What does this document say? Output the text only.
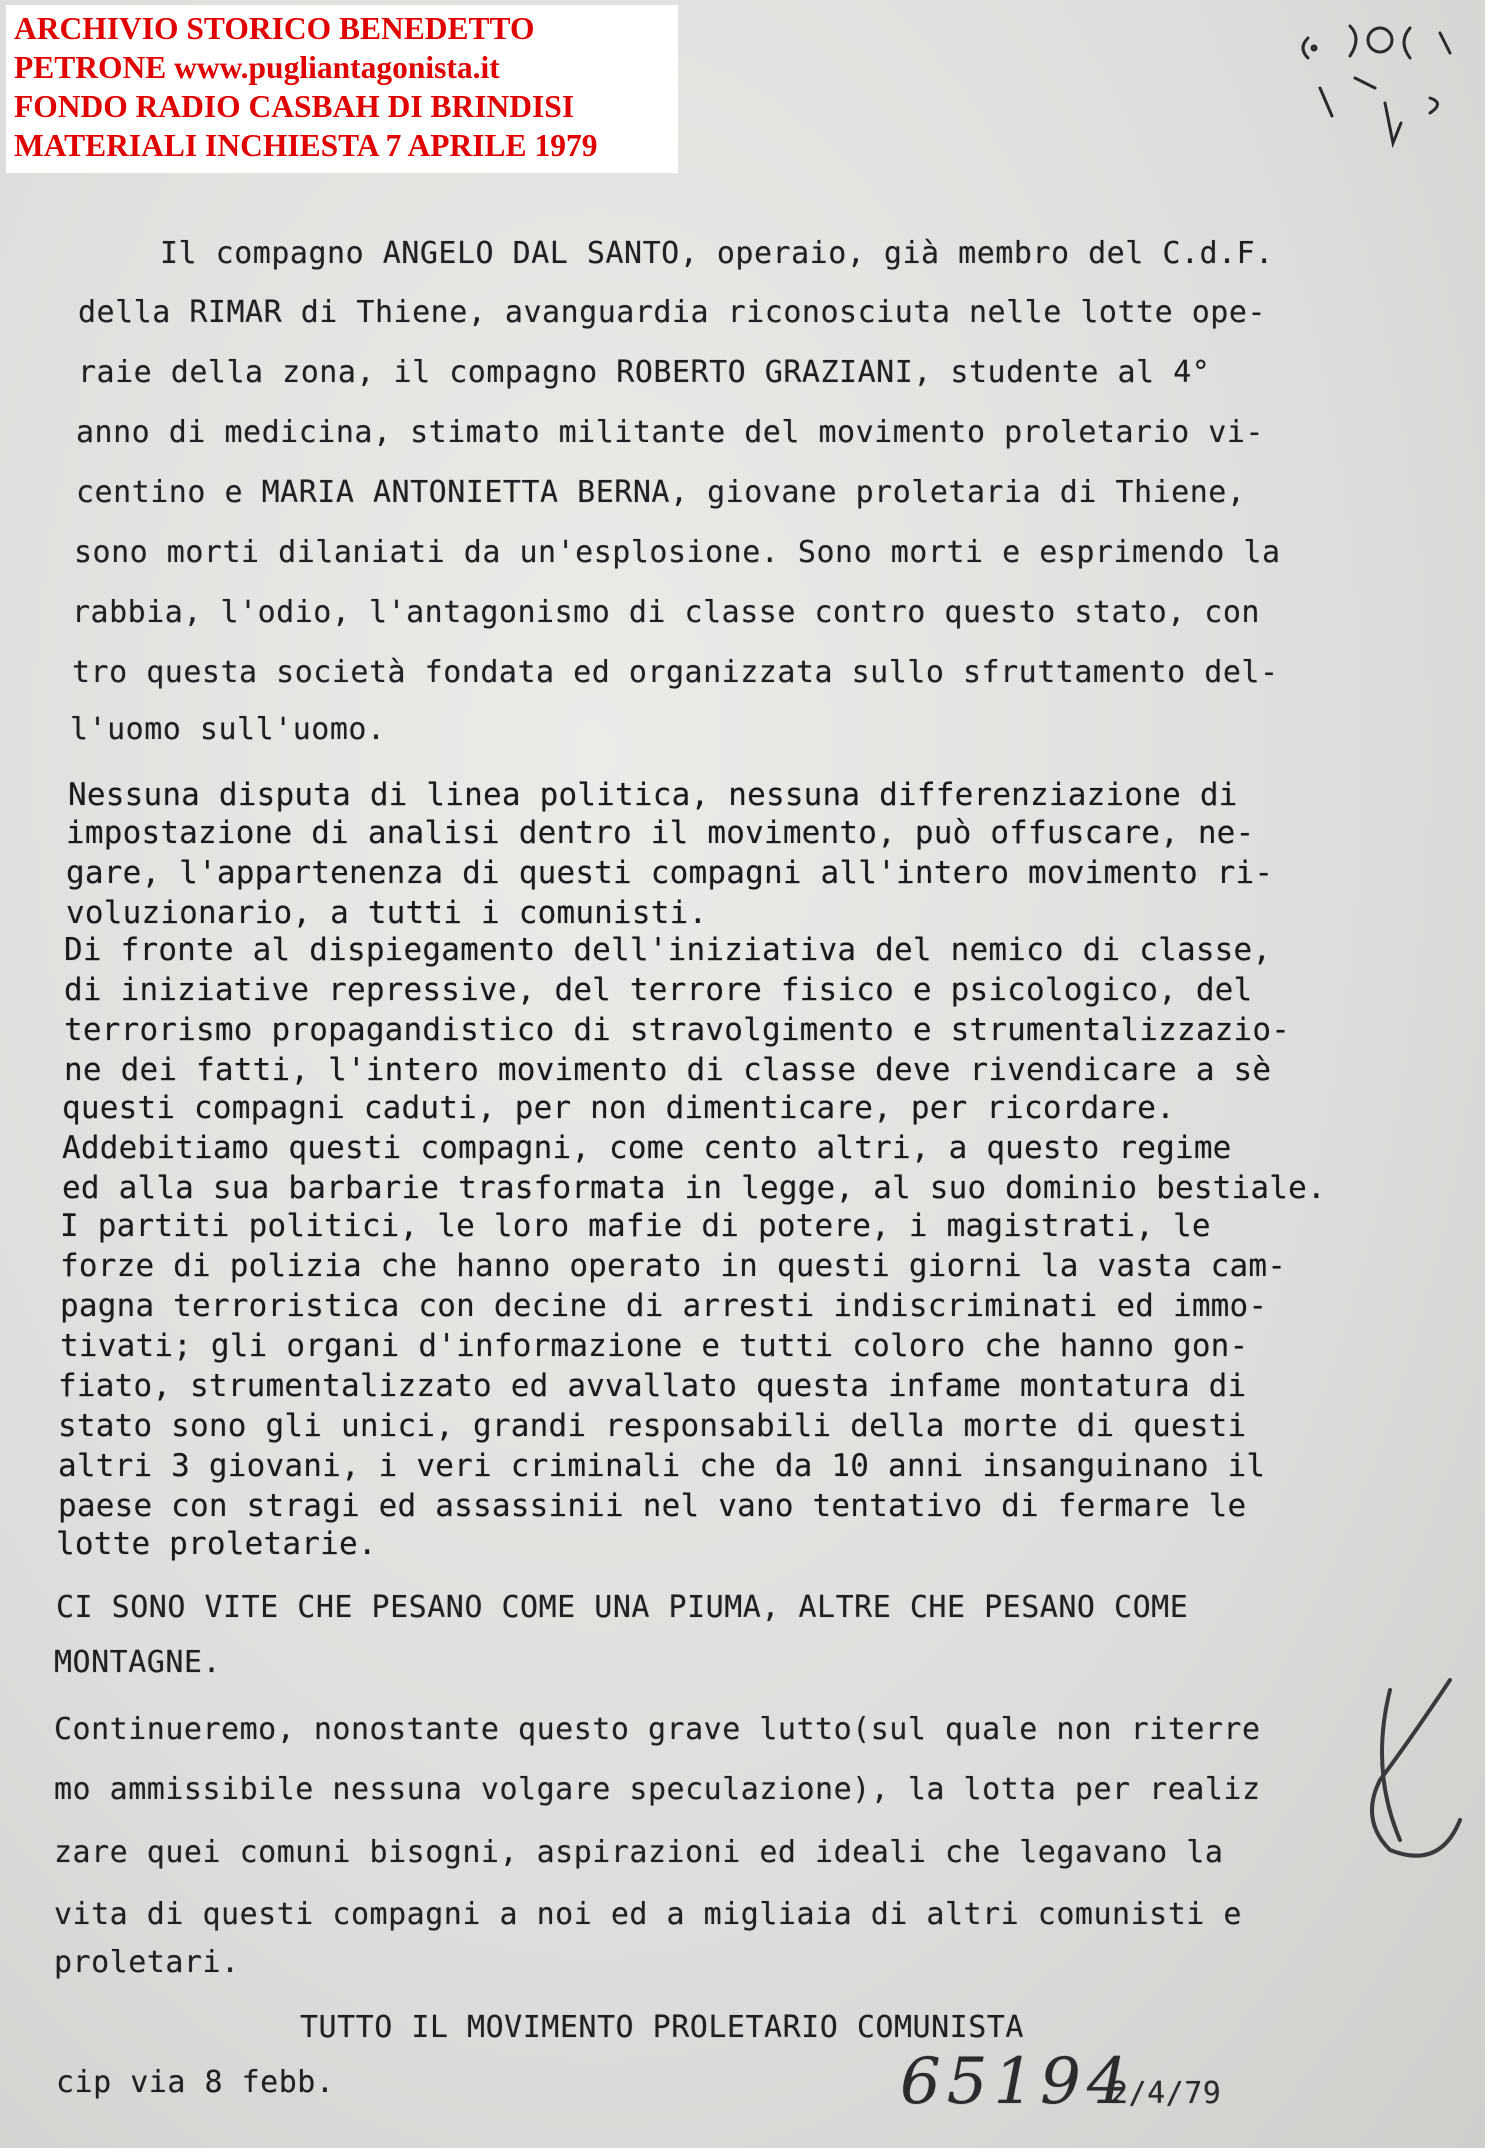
ARCHIVIO STORICO BENEDETTO
PETRONE www.pugliantagonista.it
FONDO RADIO CASBAH DI BRINDISI
MATERIALI INCHIESTA 7 APRILE 1979
Il compagno ANGELO DAL SANTO, operaio, già membro del C.d.F.
della RIMAR di Thiene, avanguardia riconosciuta nelle lotte ope-
raie della zona, il compagno ROBERTO GRAZIANI, studente al 4°
anno di medicina, stimato militante del movimento proletario vi-
centino e MARIA ANTONIETTA BERNA, giovane proletaria di Thiene,
sono morti dilaniati da un'esplosione. Sono morti e esprimendo la
rabbia, l'odio, l'antagonismo di classe contro questo stato, con
tro questa società fondata ed organizzata sullo sfruttamento del-
l'uomo sull'uomo.
Nessuna disputa di linea politica, nessuna differenziazione di
impostazione di analisi dentro il movimento, può offuscare, ne-
gare, l'appartenenza di questi compagni all'intero movimento ri-
voluzionario, a tutti i comunisti.
Di fronte al dispiegamento dell'iniziativa del nemico di classe,
di iniziative repressive, del terrore fisico e psicologico, del
terrorismo propagandistico di stravolgimento e strumentalizzazio-
ne dei fatti, l'intero movimento di classe deve rivendicare a sè
questi compagni caduti, per non dimenticare, per ricordare.
Addebitiamo questi compagni, come cento altri, a questo regime
ed alla sua barbarie trasformata in legge, al suo dominio bestiale.
I partiti politici, le loro mafie di potere, i magistrati, le
forze di polizia che hanno operato in questi giorni la vasta cam-
pagna terroristica con decine di arresti indiscriminati ed immo-
tivati; gli organi d'informazione e tutti coloro che hanno gon-
fiato, strumentalizzato ed avvallato questa infame montatura di
stato sono gli unici, grandi responsabili della morte di questi
altri 3 giovani, i veri criminali che da 10 anni insanguinano il
paese con stragi ed assassinii nel vano tentativo di fermare le
lotte proletarie.
CI SONO VITE CHE PESANO COME UNA PIUMA, ALTRE CHE PESANO COME
MONTAGNE.
Continueremo, nonostante questo grave lutto(sul quale non riterre
mo ammissibile nessuna volgare speculazione), la lotta per realiz
zare quei comuni bisogni, aspirazioni ed ideali che legavano la
vita di questi compagni a noi ed a migliaia di altri comunisti e
proletari.
TUTTO IL MOVIMENTO PROLETARIO COMUNISTA
cip via 8 febb.	65194
2/4/79
